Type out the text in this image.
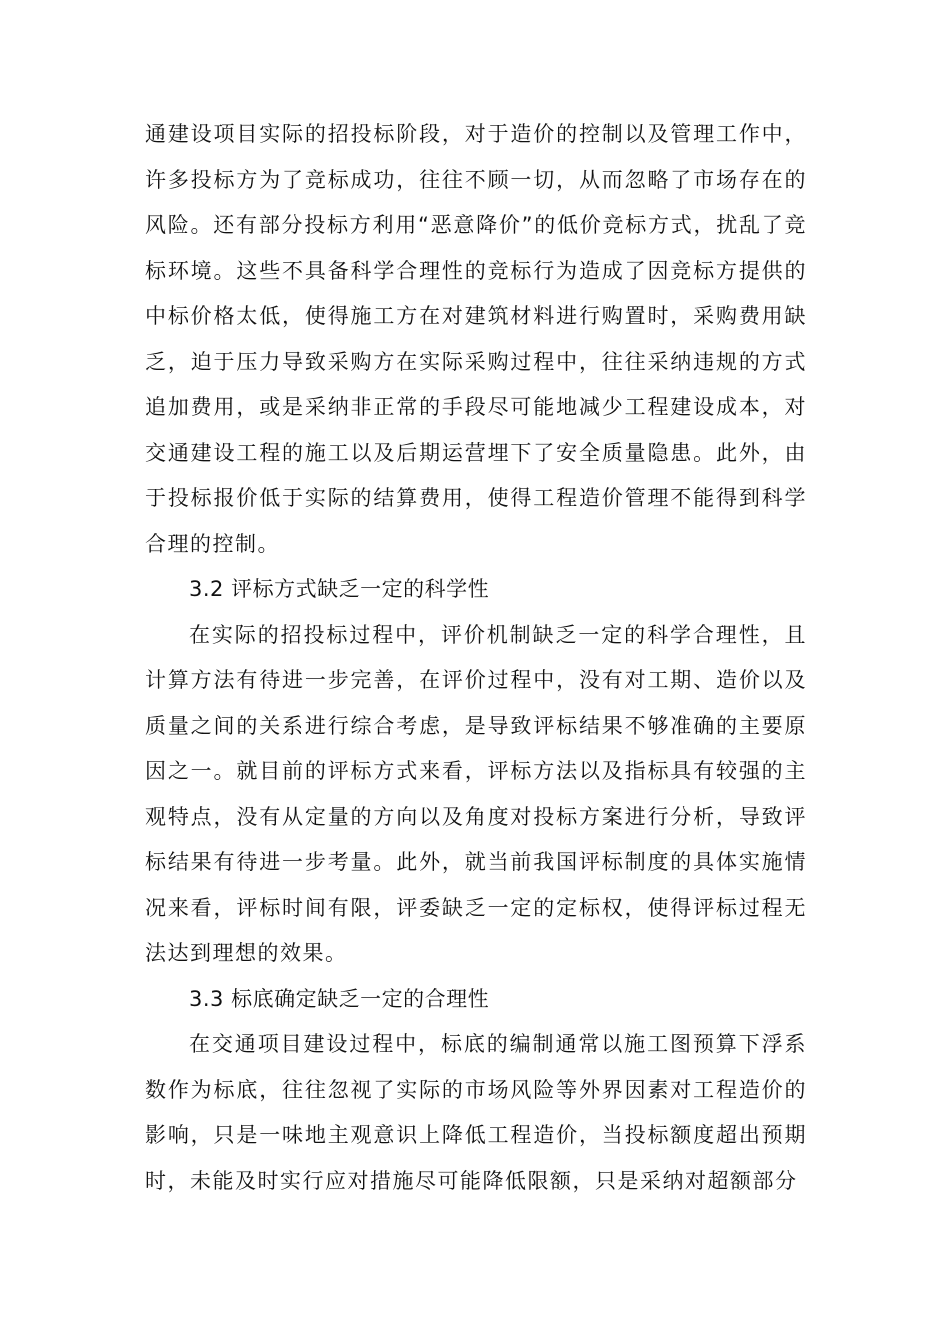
通建设项目实际的招投标阶段，对于造价的控制以及管理工作中，许多投标方为了竞标成功，往往不顾一切，从而忽略了市场存在的风险。还有部分投标方利用“恶意降价”的低价竞标方式，扰乱了竞标环境。这些不具备科学合理性的竞标行为造成了因竞标方提供的中标价格太低，使得施工方在对建筑材料进行购置时，采购费用缺乏，迫于压力导致采购方在实际采购过程中，往往采纳违规的方式追加费用，或是采纳非正常的手段尽可能地减少工程建设成本，对交通建设工程的施工以及后期运营埋下了安全质量隐患。此外，由于投标报价低于实际的结算费用，使得工程造价管理不能得到科学合理的控制。

3.2 评标方式缺乏一定的科学性

在实际的招投标过程中，评价机制缺乏一定的科学合理性，且计算方法有待进一步完善，在评价过程中，没有对工期、造价以及质量之间的关系进行综合考虑，是导致评标结果不够准确的主要原因之一。就目前的评标方式来看，评标方法以及指标具有较强的主观特点，没有从定量的方向以及角度对投标方案进行分析，导致评标结果有待进一步考量。此外，就当前我国评标制度的具体实施情况来看，评标时间有限，评委缺乏一定的定标权，使得评标过程无法达到理想的效果。

3.3 标底确定缺乏一定的合理性

在交通项目建设过程中，标底的编制通常以施工图预算下浮系数作为标底，往往忽视了实际的市场风险等外界因素对工程造价的影响，只是一味地主观意识上降低工程造价，当投标额度超出预期时，未能及时实行应对措施尽可能降低限额，只是采纳对超额部分
